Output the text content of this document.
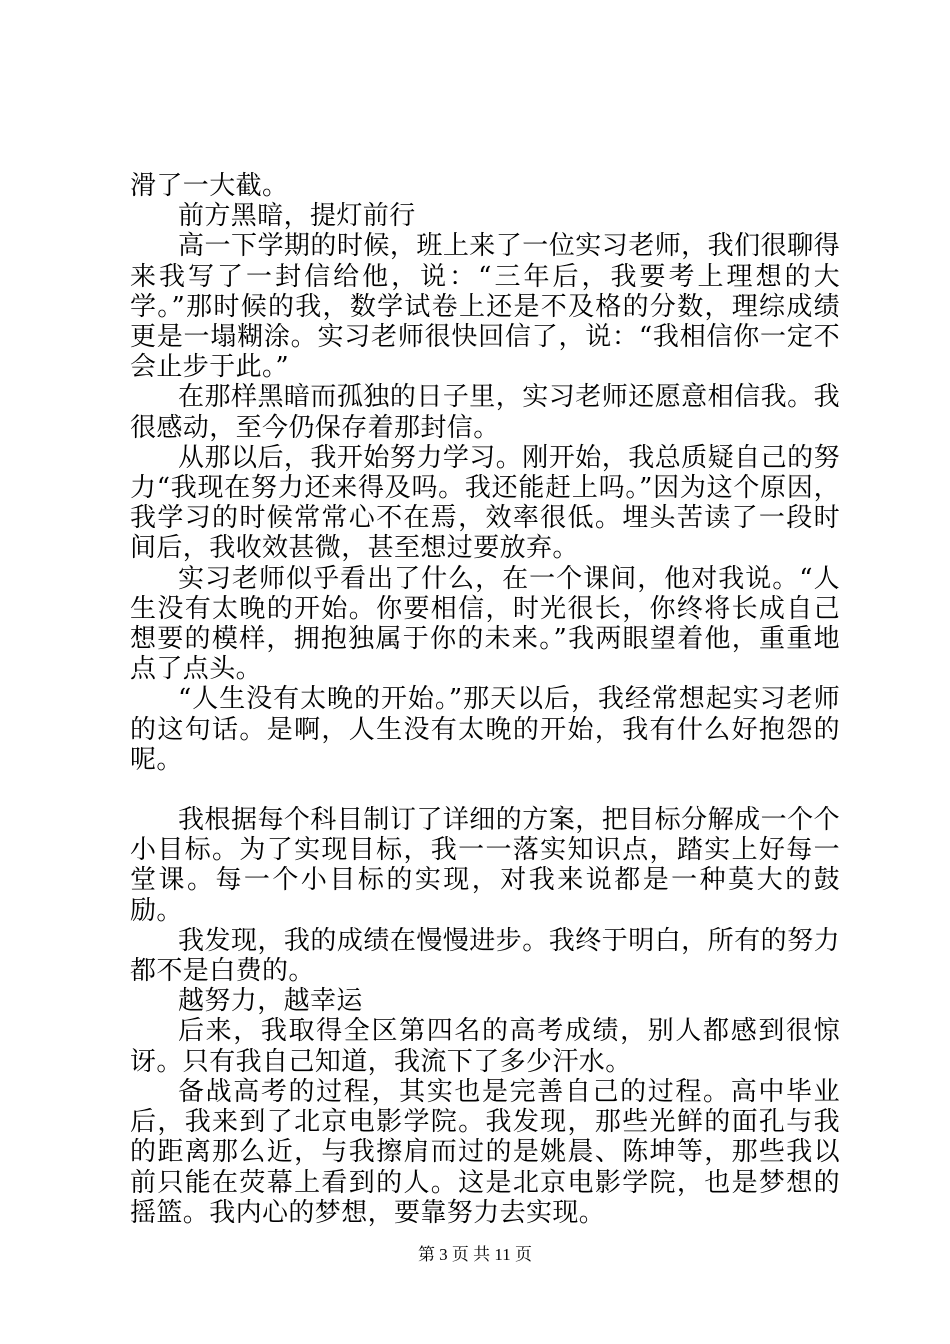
滑了一大截。

前方黑暗，提灯前行

高一下学期的时候，班上来了一位实习老师，我们很聊得来我写了一封信给他，说：“三年后，我要考上理想的大学。”那时候的我，数学试卷上还是不及格的分数，理综成绩更是一塌糊涂。实习老师很快回信了，说：“我相信你一定不会止步于此。”

在那样黑暗而孤独的日子里，实习老师还愿意相信我。我很感动，至今仍保存着那封信。

从那以后，我开始努力学习。刚开始，我总质疑自己的努力“我现在努力还来得及吗。我还能赶上吗。”因为这个原因，我学习的时候常常心不在焉，效率很低。埋头苦读了一段时间后，我收效甚微，甚至想过要放弃。

实习老师似乎看出了什么，在一个课间，他对我说。“人生没有太晚的开始。你要相信，时光很长，你终将长成自己想要的模样，拥抱独属于你的未来。”我两眼望着他，重重地点了点头。

“人生没有太晚的开始。”那天以后，我经常想起实习老师的这句话。是啊，人生没有太晚的开始，我有什么好抱怨的呢。

我根据每个科目制订了详细的方案，把目标分解成一个个小目标。为了实现目标，我一一落实知识点，踏实上好每一堂课。每一个小目标的实现，对我来说都是一种莫大的鼓励。

我发现，我的成绩在慢慢进步。我终于明白，所有的努力都不是白费的。

越努力，越幸运

后来，我取得全区第四名的高考成绩，别人都感到很惊讶。只有我自己知道，我流下了多少汗水。

备战高考的过程，其实也是完善自己的过程。高中毕业后，我来到了北京电影学院。我发现，那些光鲜的面孔与我的距离那么近，与我擦肩而过的是姚晨、陈坤等，那些我以前只能在荧幕上看到的人。这是北京电影学院，也是梦想的摇篮。我内心的梦想，要靠努力去实现。

第 3 页 共 11 页
